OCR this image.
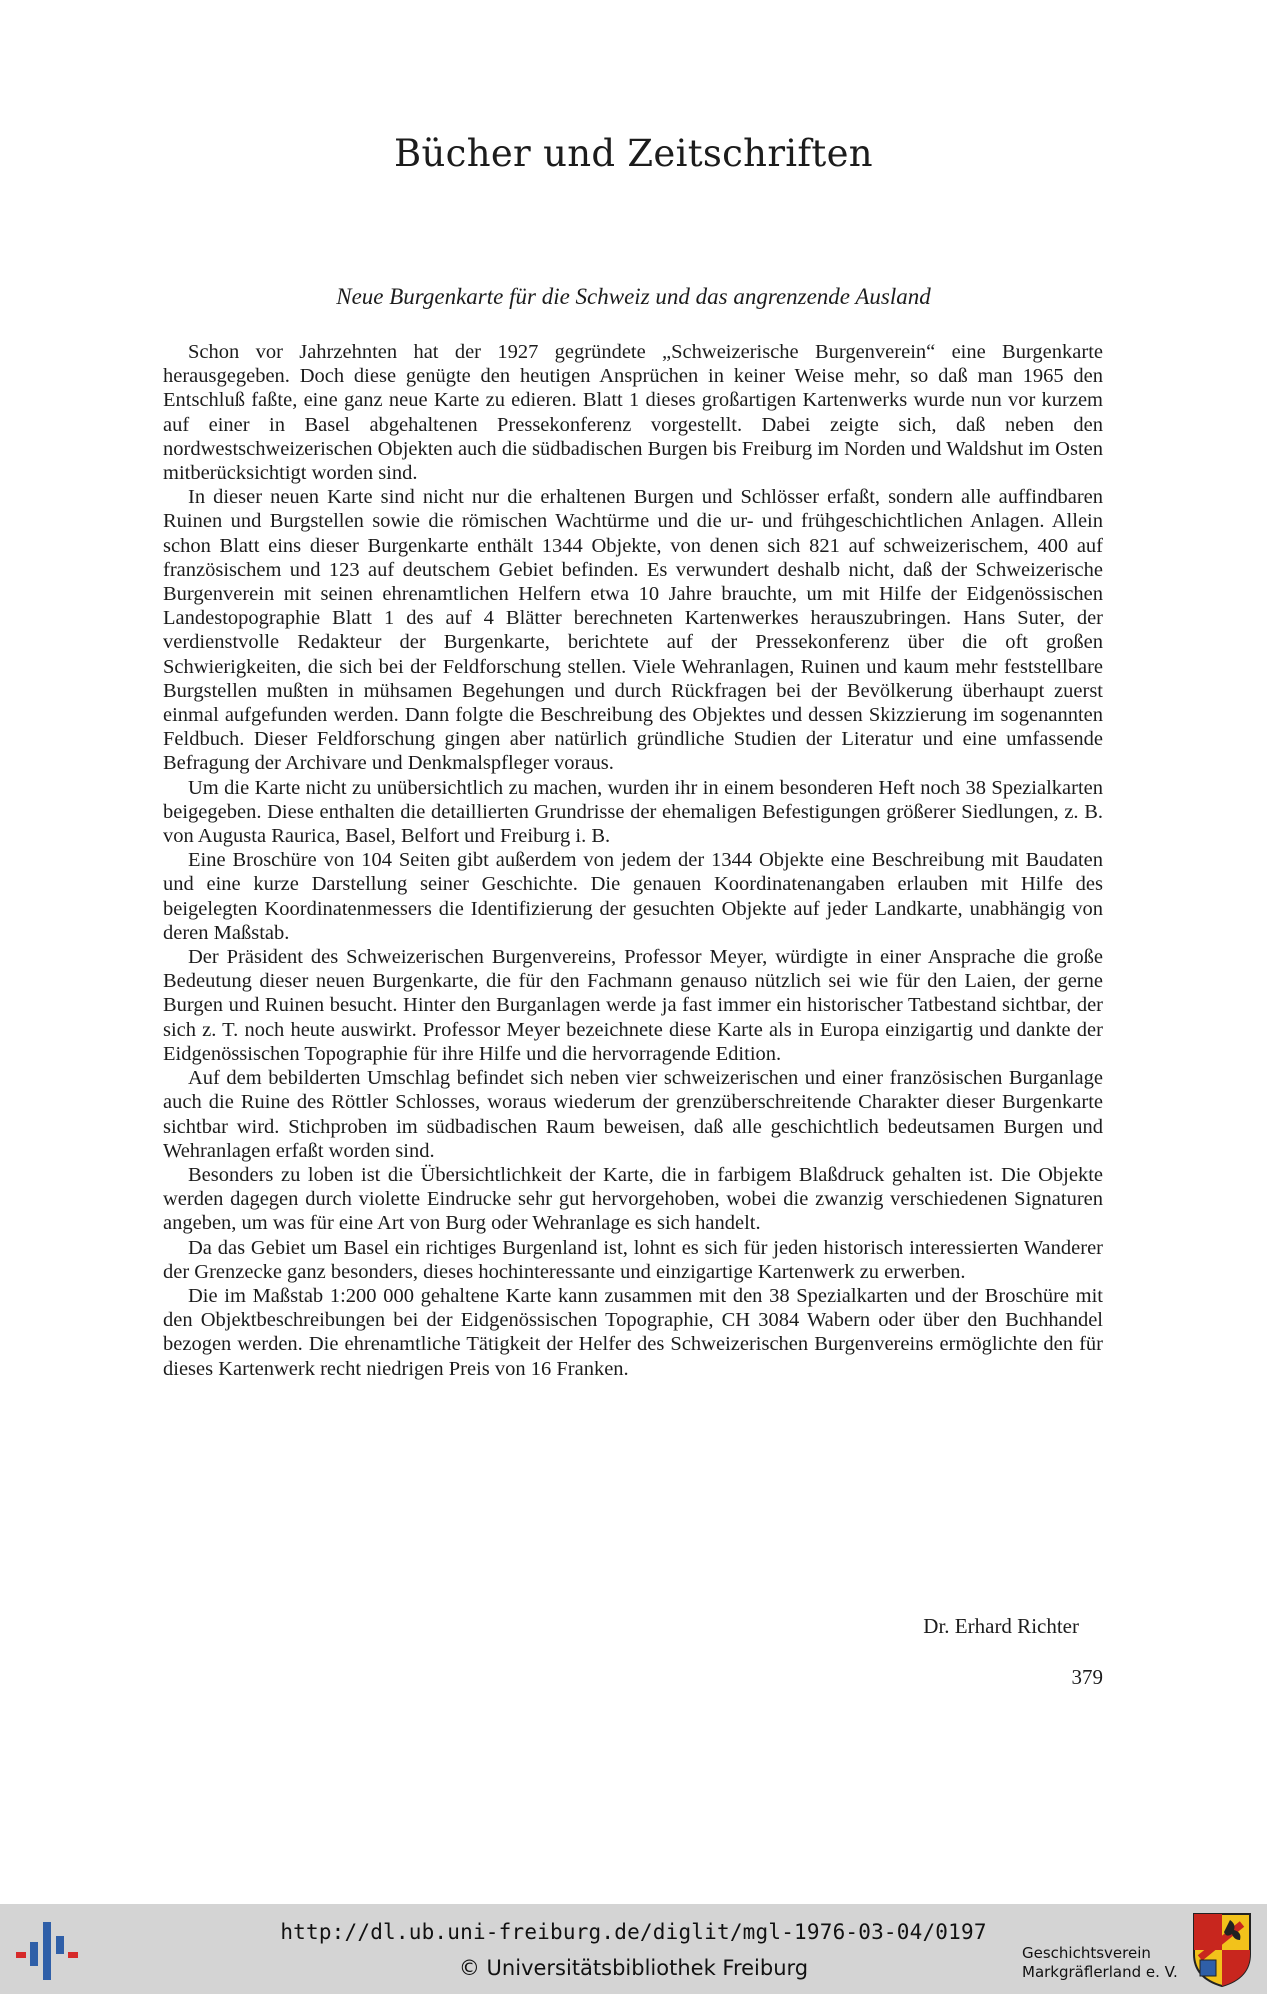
Bücher und Zeitschriften
Neue Burgenkarte für die Schweiz und das angrenzende Ausland

Schon vor Jahrzehnten hat der 1927 gegründete „Schweizerische Burgenverein“ eine Burgenkarte herausgegeben. Doch diese genügte den heutigen Ansprüchen in keiner Weise mehr, so daß man 1965 den Entschluß faßte, eine ganz neue Karte zu edieren. Blatt 1 dieses großartigen Kartenwerks wurde nun vor kurzem auf einer in Basel abgehaltenen Pressekonferenz vorgestellt. Dabei zeigte sich, daß neben den nordwestschweizerischen Objekten auch die südbadischen Burgen bis Freiburg im Norden und Waldshut im Osten mitberücksichtigt worden sind.

In dieser neuen Karte sind nicht nur die erhaltenen Burgen und Schlösser erfaßt, sondern alle auffindbaren Ruinen und Burgstellen sowie die römischen Wachtürme und die ur- und frühgeschichtlichen Anlagen. Allein schon Blatt eins dieser Burgenkarte enthält 1344 Objekte, von denen sich 821 auf schweizerischem, 400 auf französischem und 123 auf deutschem Gebiet befinden. Es verwundert deshalb nicht, daß der Schweizerische Burgenverein mit seinen ehrenamtlichen Helfern etwa 10 Jahre brauchte, um mit Hilfe der Eidgenössischen Landestopographie Blatt 1 des auf 4 Blätter berechneten Kartenwerkes herauszubringen. Hans Suter, der verdienstvolle Redakteur der Burgenkarte, berichtete auf der Pressekonferenz über die oft großen Schwierigkeiten, die sich bei der Feldforschung stellen. Viele Wehranlagen, Ruinen und kaum mehr feststellbare Burgstellen mußten in mühsamen Begehungen und durch Rückfragen bei der Bevölkerung überhaupt zuerst einmal aufgefunden werden. Dann folgte die Beschreibung des Objektes und dessen Skizzierung im sogenannten Feldbuch. Dieser Feldforschung gingen aber natürlich gründliche Studien der Literatur und eine umfassende Befragung der Archivare und Denkmalspfleger voraus.

Um die Karte nicht zu unübersichtlich zu machen, wurden ihr in einem besonderen Heft noch 38 Spezialkarten beigegeben. Diese enthalten die detaillierten Grundrisse der ehemaligen Befestigungen größerer Siedlungen, z. B. von Augusta Raurica, Basel, Belfort und Freiburg i. B.

Eine Broschüre von 104 Seiten gibt außerdem von jedem der 1344 Objekte eine Beschreibung mit Baudaten und eine kurze Darstellung seiner Geschichte. Die genauen Koordinatenangaben erlauben mit Hilfe des beigelegten Koordinatenmessers die Identifizierung der gesuchten Objekte auf jeder Landkarte, unabhängig von deren Maßstab.

Der Präsident des Schweizerischen Burgenvereins, Professor Meyer, würdigte in einer Ansprache die große Bedeutung dieser neuen Burgenkarte, die für den Fachmann genauso nützlich sei wie für den Laien, der gerne Burgen und Ruinen besucht. Hinter den Burganlagen werde ja fast immer ein historischer Tatbestand sichtbar, der sich z. T. noch heute auswirkt. Professor Meyer bezeichnete diese Karte als in Europa einzigartig und dankte der Eidgenössischen Topographie für ihre Hilfe und die hervorragende Edition.

Auf dem bebilderten Umschlag befindet sich neben vier schweizerischen und einer französischen Burganlage auch die Ruine des Röttler Schlosses, woraus wiederum der grenzüberschreitende Charakter dieser Burgenkarte sichtbar wird. Stichproben im südbadischen Raum beweisen, daß alle geschichtlich bedeutsamen Burgen und Wehranlagen erfaßt worden sind.

Besonders zu loben ist die Übersichtlichkeit der Karte, die in farbigem Blaßdruck gehalten ist. Die Objekte werden dagegen durch violette Eindrucke sehr gut hervorgehoben, wobei die zwanzig verschiedenen Signaturen angeben, um was für eine Art von Burg oder Wehranlage es sich handelt.

Da das Gebiet um Basel ein richtiges Burgenland ist, lohnt es sich für jeden historisch interessierten Wanderer der Grenzecke ganz besonders, dieses hochinteressante und einzigartige Kartenwerk zu erwerben.

Die im Maßstab 1:200 000 gehaltene Karte kann zusammen mit den 38 Spezialkarten und der Broschüre mit den Objektbeschreibungen bei der Eidgenössischen Topographie, CH 3084 Wabern oder über den Buchhandel bezogen werden. Die ehrenamtliche Tätigkeit der Helfer des Schweizerischen Burgenvereins ermöglichte den für dieses Kartenwerk recht niedrigen Preis von 16 Franken.

Dr. Erhard Richter
379
http://dl.ub.uni-freiburg.de/diglit/mgl-1976-03-04/0197
© Universitätsbibliothek Freiburg
Geschichtsverein
Markgräflerland e. V.
